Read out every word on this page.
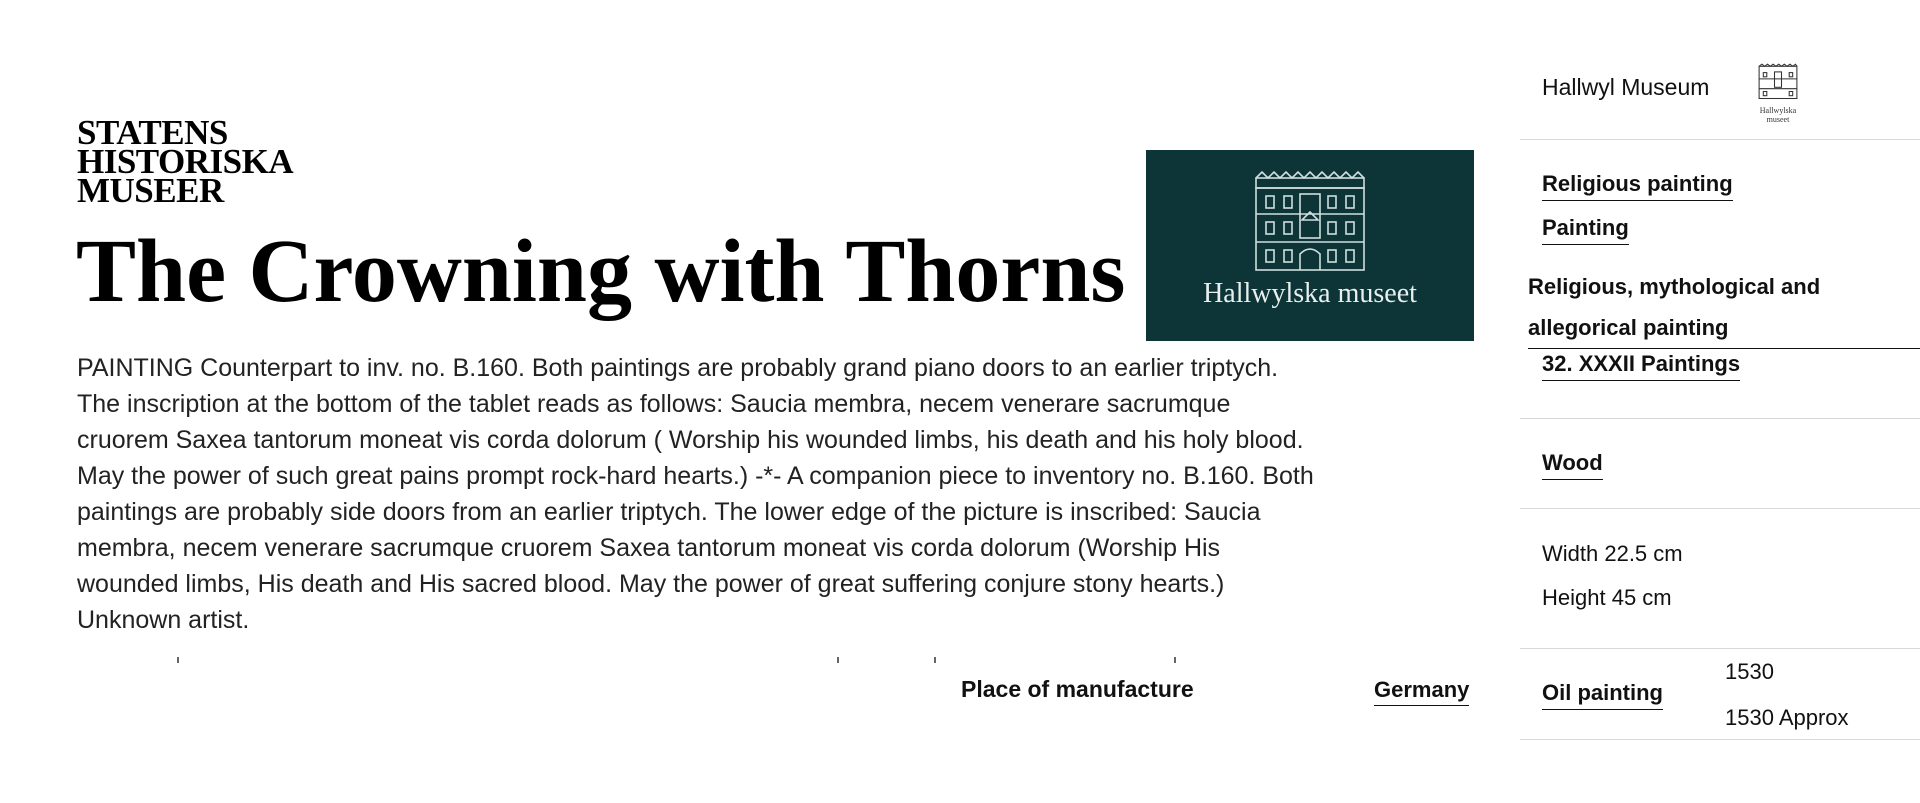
STATENS
HISTORISKA
MUSEER
The Crowning with Thorns	Hallwylska museet

PAINTING Counterpart to inv. no. B.160. Both paintings are probably grand piano doors to an earlier triptych. The inscription at the bottom of the tablet reads as follows: Saucia membra, necem venerare sacrumque cruorem Saxea tantorum moneat vis corda dolorum ( Worship his wounded limbs, his death and his holy blood. May the power of such great pains prompt rock-hard hearts.) -*- A companion piece to inventory no. B.160. Both paintings are probably side doors from an earlier triptych. The lower edge of the picture is inscribed: Saucia membra, necem venerare sacrumque cruorem Saxea tantorum moneat vis corda dolorum (Worship His wounded limbs, His death and His sacred blood. May the power of great suffering conjure stony hearts.) Unknown artist.

Place of manufacture	Germany
Hallwyl Museum
Hallwylska museet
Religious painting
Painting
Religious, mythological and allegorical painting
32. XXXII Paintings
Wood
Width 22.5 cm
Height 45 cm
Oil painting
1530
1530 Approx
